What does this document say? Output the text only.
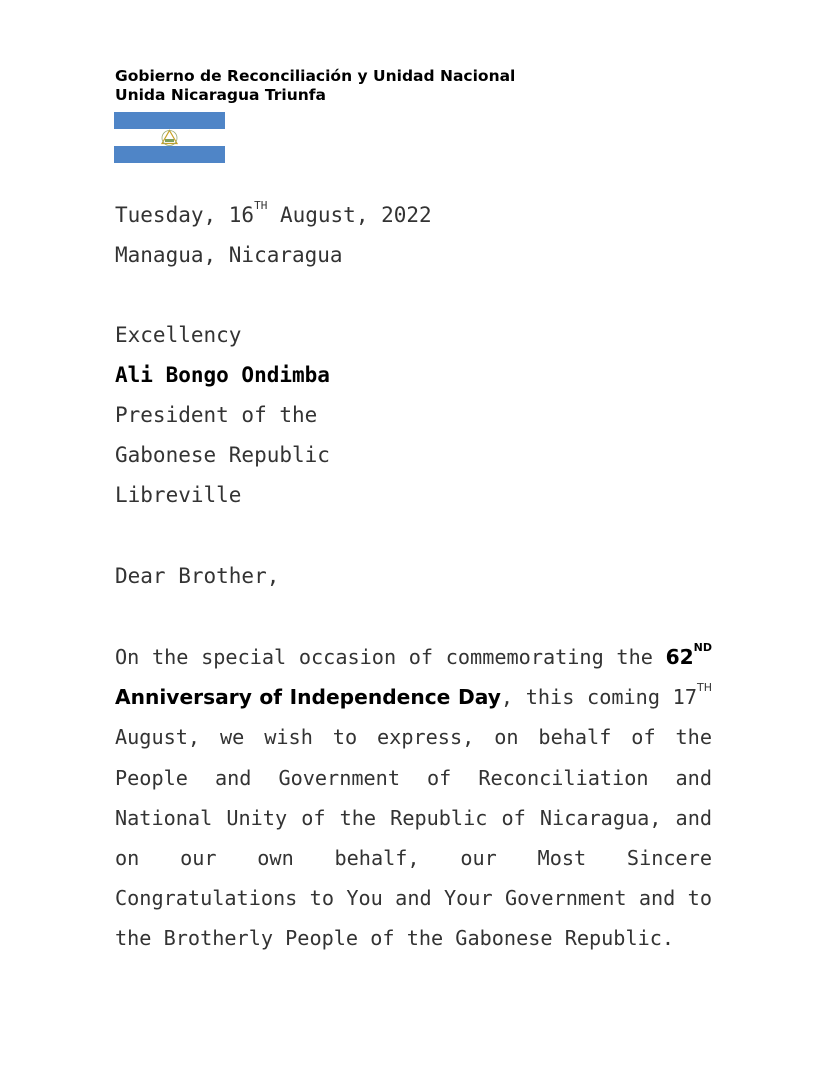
Gobierno de Reconciliación y Unidad Nacional
Unida Nicaragua Triunfa
Tuesday, 16TH August, 2022
Managua, Nicaragua
Excellency
Ali Bongo Ondimba
President of the
Gabonese Republic
Libreville
Dear Brother,
On the special occasion of commemorating the 62ND Anniversary of Independence Day, this coming 17TH August, we wish to express, on behalf of the People and Government of Reconciliation and National Unity of the Republic of Nicaragua, and on our own behalf, our Most Sincere Congratulations to You and Your Government and to the Brotherly People of the Gabonese Republic.
